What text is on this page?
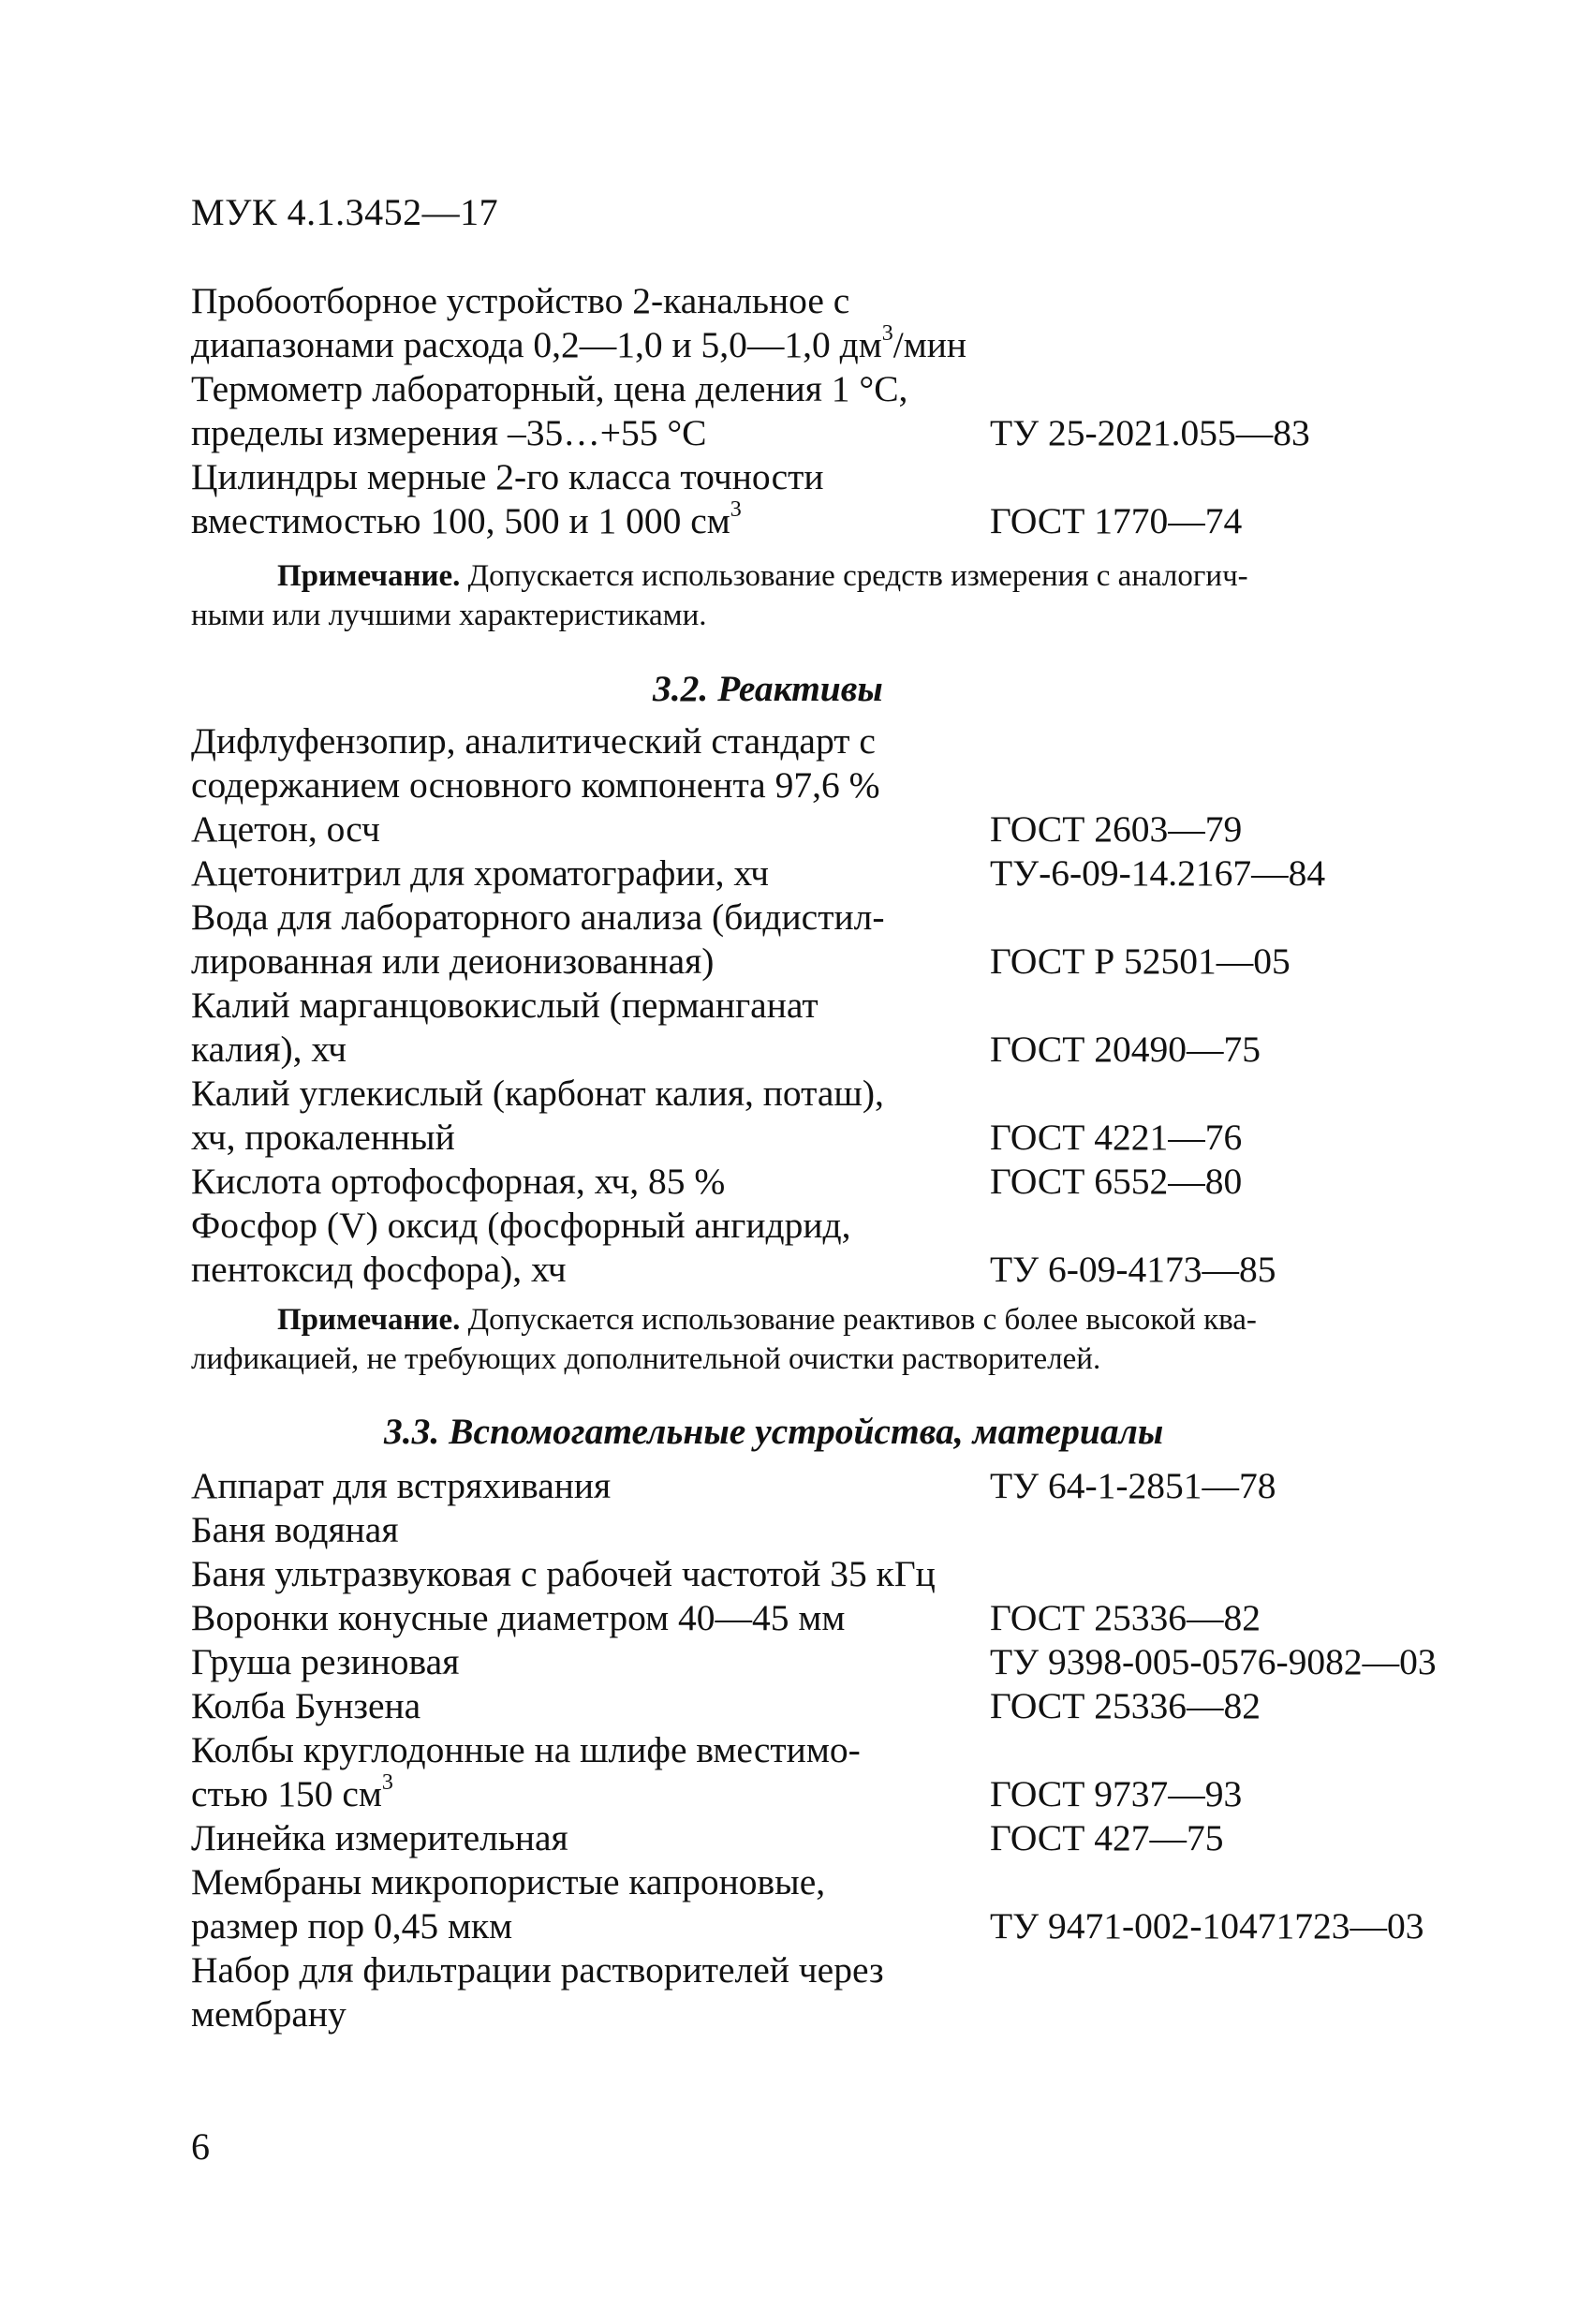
МУК 4.1.3452—17
Пробоотборное устройство 2-канальное с
диапазонами расхода 0,2—1,0 и 5,0—1,0 $дм^3$/мин
Термометр лабораторный, цена деления 1 °С,
пределы измерения –35…+55 °С	ТУ 25-2021.055—83
Цилиндры мерные 2-го класса точности
вместимостью 100, 500 и 1 000 $см^3$	ГОСТ 1770—74
Примечание. Допускается использование средств измерения с аналогич-
ными или лучшими характеристиками.
3.2. Реактивы
Дифлуфензопир, аналитический стандарт с
содержанием основного компонента 97,6 %
Ацетон, осч	ГОСТ 2603—79
Ацетонитрил для хроматографии, хч	ТУ-6-09-14.2167—84
Вода для лабораторного анализа (бидистил-
лированная или деионизованная)	ГОСТ Р 52501—05
Калий марганцовокислый (перманганат
калия), хч	ГОСТ 20490—75
Калий углекислый (карбонат калия, поташ),
хч, прокаленный	ГОСТ 4221—76
Кислота ортофосфорная, хч, 85 %	ГОСТ 6552—80
Фосфор (V) оксид (фосфорный ангидрид,
пентоксид фосфора), хч	ТУ 6-09-4173—85
Примечание. Допускается использование реактивов с более высокой ква-
лификацией, не требующих дополнительной очистки растворителей.
3.3. Вспомогательные устройства, материалы
Аппарат для встряхивания	ТУ 64-1-2851—78
Баня водяная
Баня ультразвуковая с рабочей частотой 35 кГц
Воронки конусные диаметром 40—45 мм	ГОСТ 25336—82
Груша резиновая	ТУ 9398-005-0576-9082—03
Колба Бунзена	ГОСТ 25336—82
Колбы круглодонные на шлифе вместимо-
стью 150 $см^3$	ГОСТ 9737—93
Линейка измерительная	ГОСТ 427—75
Мембраны микропористые капроновые,
размер пор 0,45 мкм	ТУ 9471-002-10471723—03
Набор для фильтрации растворителей через
мембрану
6
